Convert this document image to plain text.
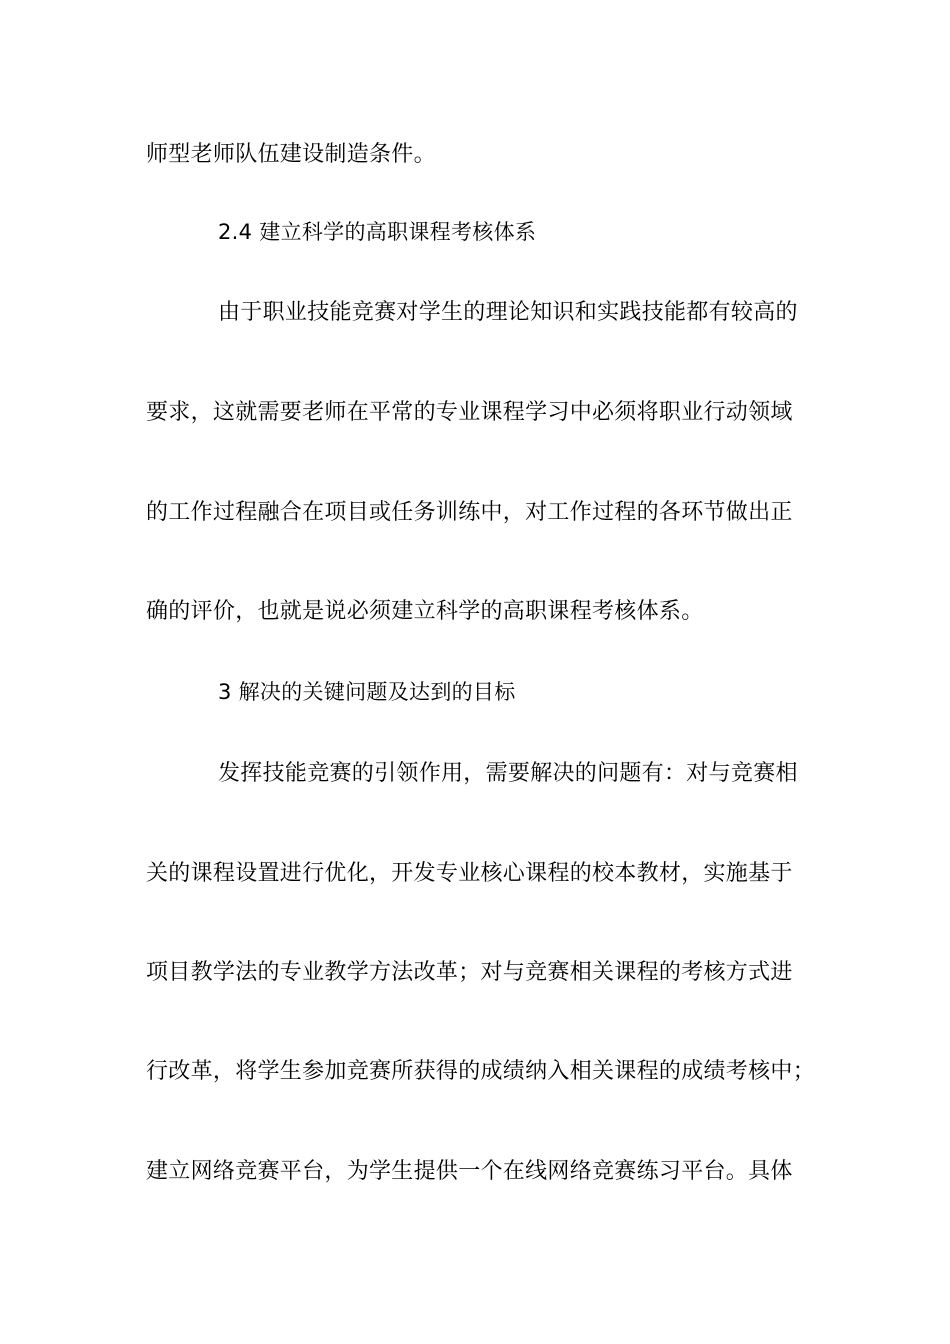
师型老师队伍建设制造条件。

2.4 建立科学的高职课程考核体系

由于职业技能竞赛对学生的理论知识和实践技能都有较高的

要求，这就需要老师在平常的专业课程学习中必须将职业行动领域

的工作过程融合在项目或任务训练中，对工作过程的各环节做出正

确的评价，也就是说必须建立科学的高职课程考核体系。

3 解决的关键问题及达到的目标

发挥技能竞赛的引领作用，需要解决的问题有：对与竞赛相

关的课程设置进行优化，开发专业核心课程的校本教材，实施基于

项目教学法的专业教学方法改革；对与竞赛相关课程的考核方式进

行改革，将学生参加竞赛所获得的成绩纳入相关课程的成绩考核中；

建立网络竞赛平台，为学生提供一个在线网络竞赛练习平台。具体
